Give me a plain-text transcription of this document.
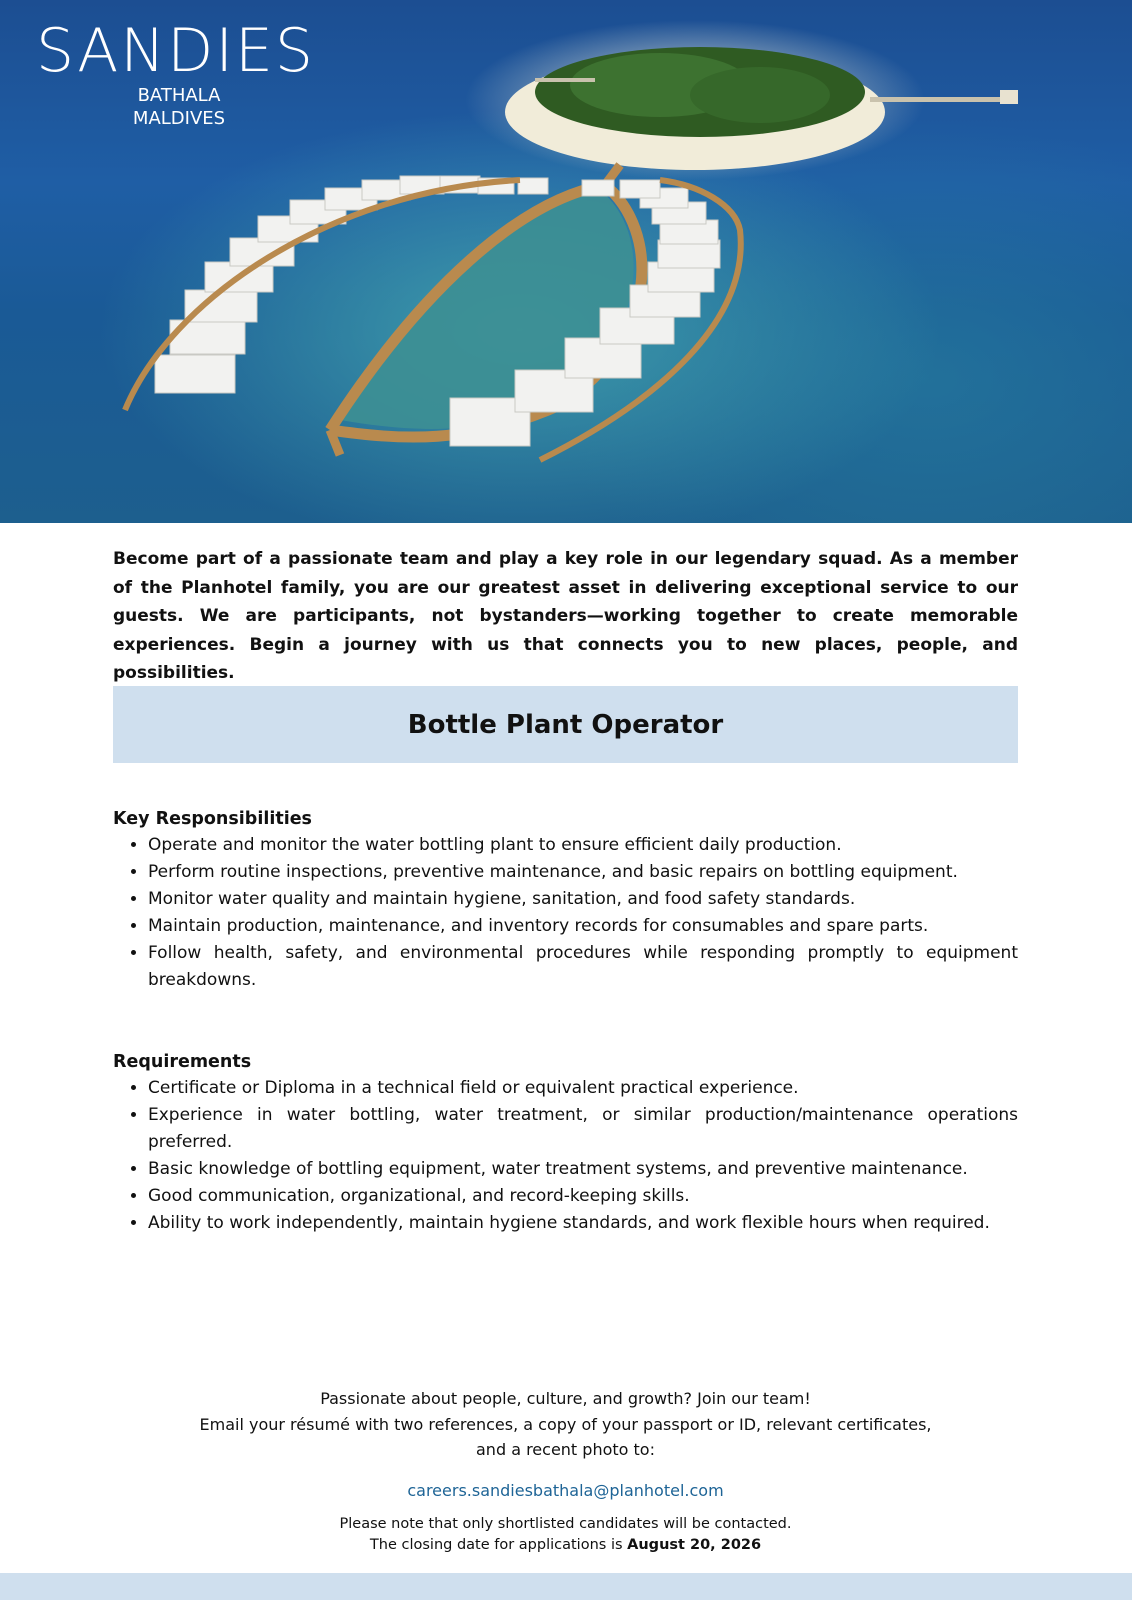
SANDIES
BATHALA
MALDIVES
Become part of a passionate team and play a key role in our legendary squad. As a member of the Planhotel family, you are our greatest asset in delivering exceptional service to our guests. We are participants, not bystanders—working together to create memorable experiences. Begin a journey with us that connects you to new places, people, and possibilities.
Bottle Plant Operator
Key Responsibilities
• Operate and monitor the water bottling plant to ensure efficient daily production.
• Perform routine inspections, preventive maintenance, and basic repairs on bottling equipment.
• Monitor water quality and maintain hygiene, sanitation, and food safety standards.
• Maintain production, maintenance, and inventory records for consumables and spare parts.
• Follow health, safety, and environmental procedures while responding promptly to equipment breakdowns.
Requirements
• Certificate or Diploma in a technical field or equivalent practical experience.
• Experience in water bottling, water treatment, or similar production/maintenance operations preferred.
• Basic knowledge of bottling equipment, water treatment systems, and preventive maintenance.
• Good communication, organizational, and record-keeping skills.
• Ability to work independently, maintain hygiene standards, and work flexible hours when required.

Passionate about people, culture, and growth? Join our team!

Email your résumé with two references, a copy of your passport or ID, relevant certificates,

and a recent photo to:

careers.sandiesbathala@planhotel.com

Please note that only shortlisted candidates will be contacted.

The closing date for applications is August 20, 2026
